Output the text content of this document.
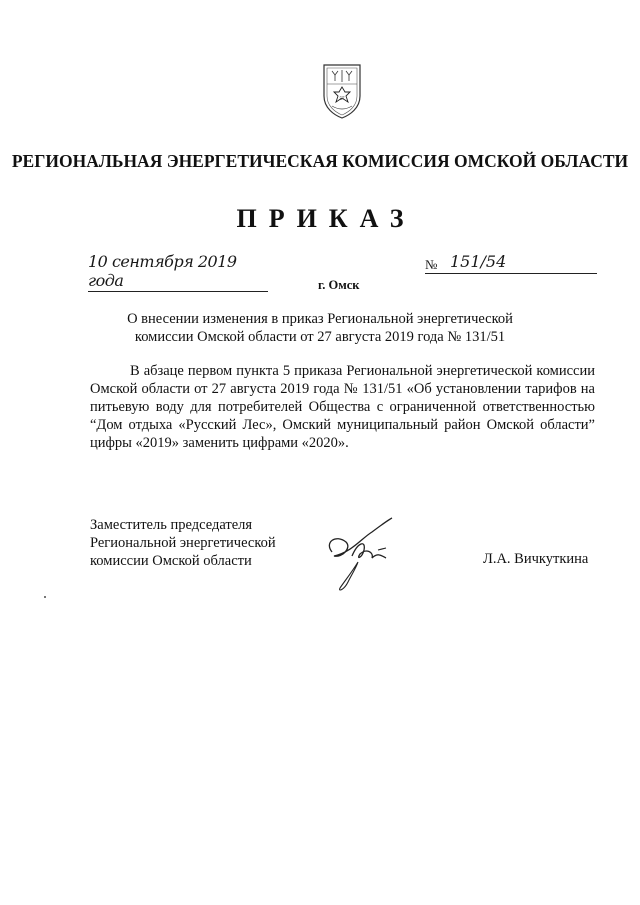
57
РЕГИОНАЛЬНАЯ ЭНЕРГЕТИЧЕСКАЯ КОМИССИЯ ОМСКОЙ ОБЛАСТИ
ПРИКАЗ
10 сентября 2019 года	г. Омск
№ 151/54
О внесении изменения в приказ Региональной энергетической комиссии Омской области от 27 августа 2019 года № 131/51
В абзаце первом пункта 5 приказа Региональной энергетической комиссии Омской области от 27 августа 2019 года № 131/51 «Об установлении тарифов на питьевую воду для потребителей Общества с ограниченной ответственностью “Дом отдыха «Русский Лес», Омский муниципальный район Омской области” цифры «2019» заменить цифрами «2020».
Заместитель председателя Региональной энергетической комиссии Омской области	Л.А. Вичкуткина
